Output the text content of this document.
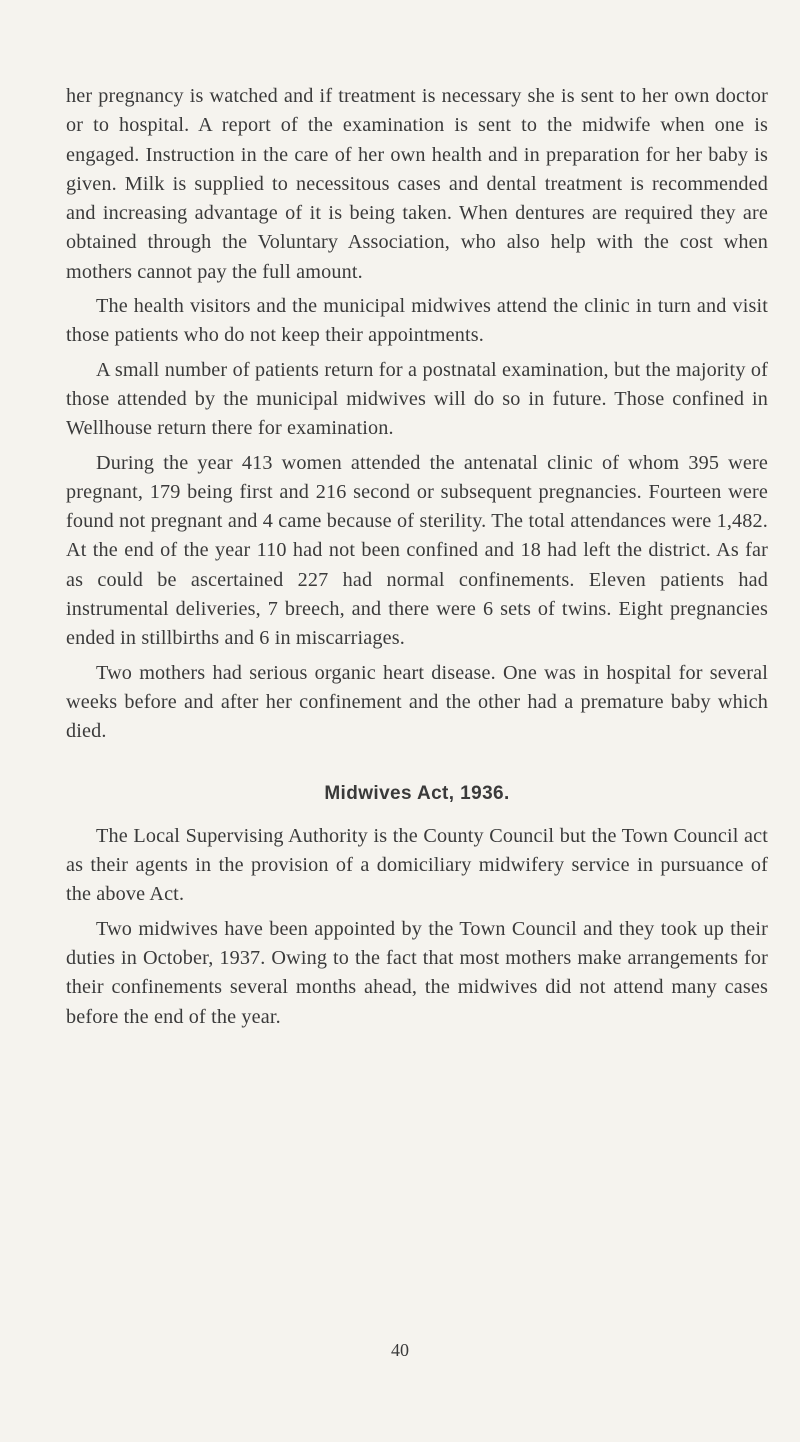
her pregnancy is watched and if treatment is necessary she is sent to her own doctor or to hospital. A report of the examination is sent to the midwife when one is engaged. Instruction in the care of her own health and in preparation for her baby is given. Milk is supplied to necessitous cases and dental treatment is recommended and increasing advantage of it is being taken. When dentures are required they are obtained through the Voluntary Association, who also help with the cost when mothers cannot pay the full amount.

The health visitors and the municipal midwives attend the clinic in turn and visit those patients who do not keep their appointments.

A small number of patients return for a postnatal examination, but the majority of those attended by the municipal midwives will do so in future. Those confined in Wellhouse return there for examination.

During the year 413 women attended the antenatal clinic of whom 395 were pregnant, 179 being first and 216 second or subsequent pregnancies. Fourteen were found not pregnant and 4 came because of sterility. The total attendances were 1,482. At the end of the year 110 had not been confined and 18 had left the district. As far as could be ascertained 227 had normal confinements. Eleven patients had instrumental deliveries, 7 breech, and there were 6 sets of twins. Eight pregnancies ended in stillbirths and 6 in miscarriages.

Two mothers had serious organic heart disease. One was in hospital for several weeks before and after her confinement and the other had a premature baby which died.

Midwives Act, 1936.

The Local Supervising Authority is the County Council but the Town Council act as their agents in the provision of a domiciliary midwifery service in pursuance of the above Act.

Two midwives have been appointed by the Town Council and they took up their duties in October, 1937. Owing to the fact that most mothers make arrangements for their confinements several months ahead, the midwives did not attend many cases before the end of the year.

40
